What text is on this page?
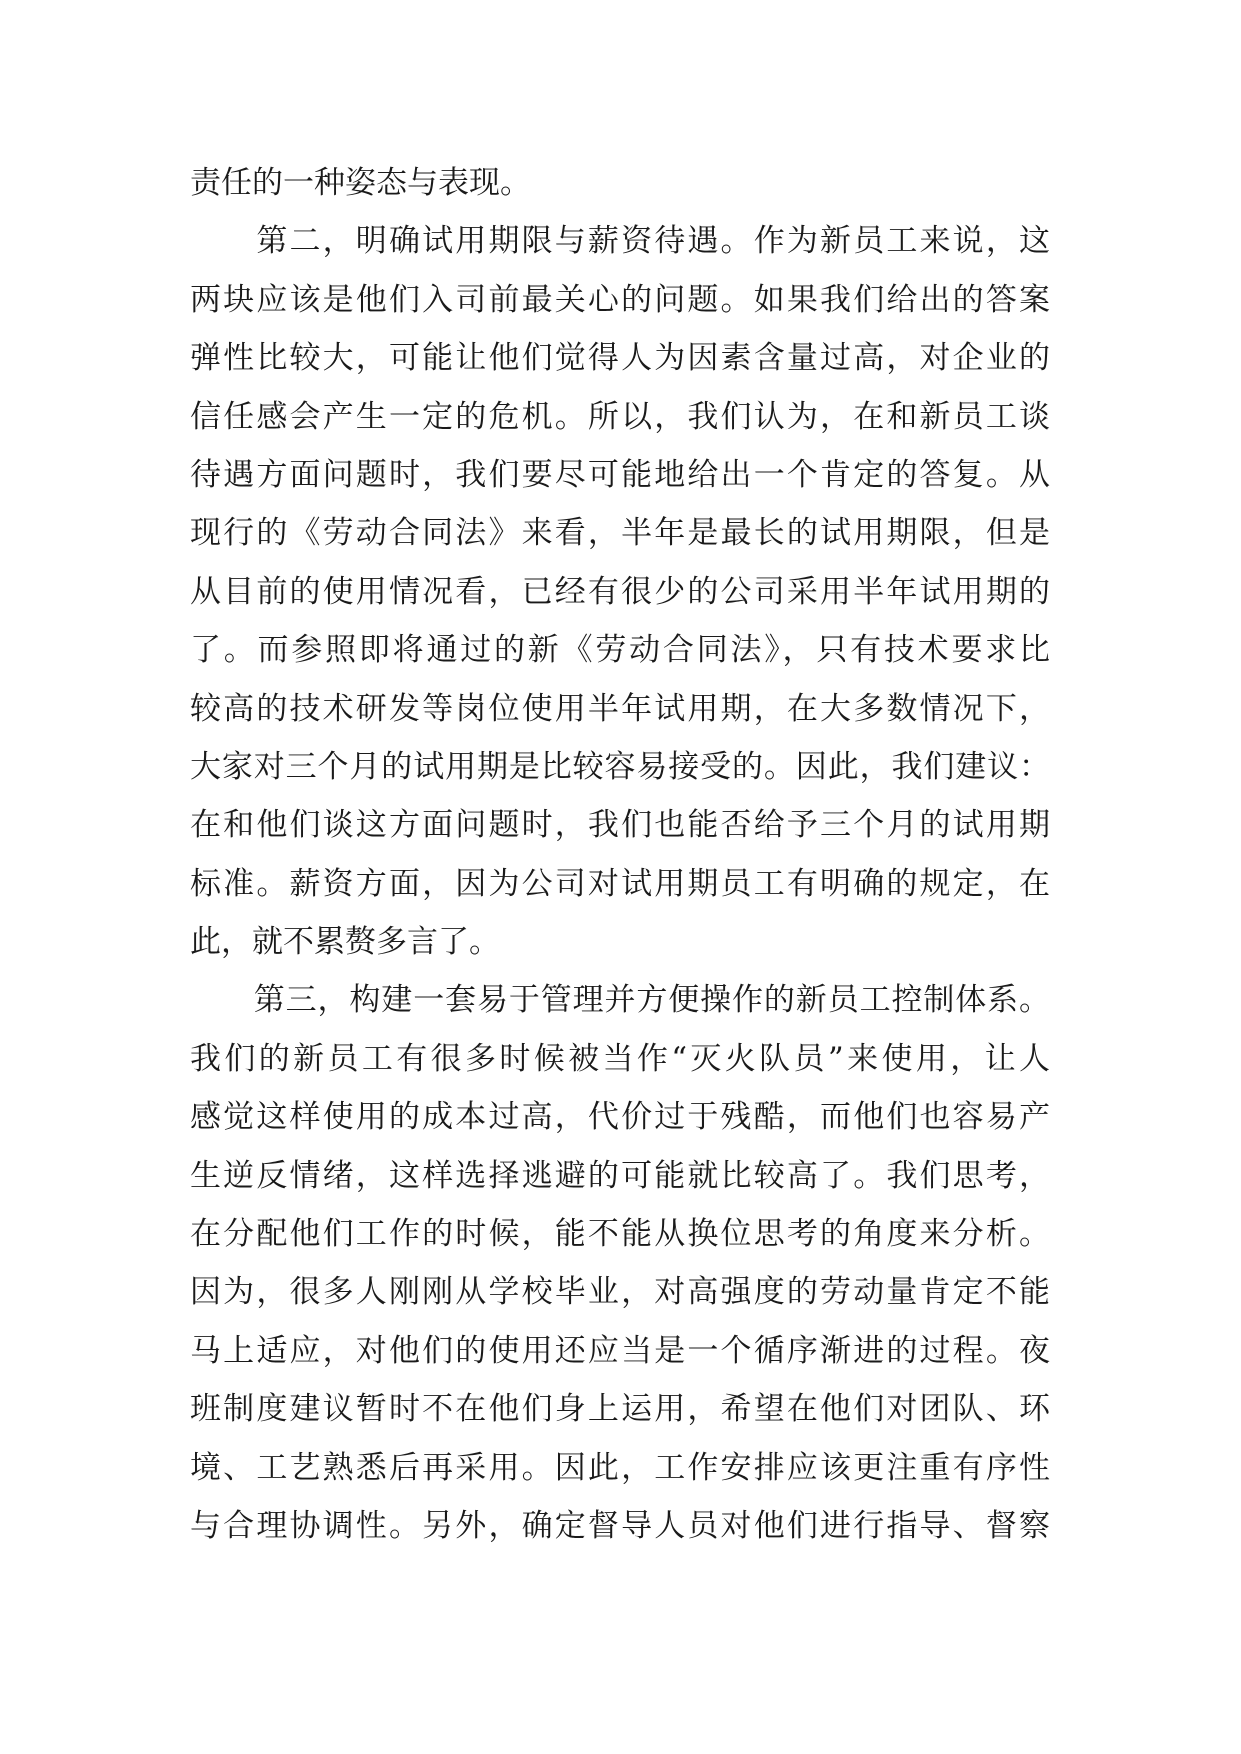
责任的一种姿态与表现。
　　第二，明确试用期限与薪资待遇。作为新员工来说，这
两块应该是他们入司前最关心的问题。如果我们给出的答案
弹性比较大，可能让他们觉得人为因素含量过高，对企业的
信任感会产生一定的危机。所以，我们认为，在和新员工谈
待遇方面问题时，我们要尽可能地给出一个肯定的答复。从
现行的《劳动合同法》来看，半年是最长的试用期限，但是
从目前的使用情况看，已经有很少的公司采用半年试用期的
了。而参照即将通过的新《劳动合同法》，只有技术要求比
较高的技术研发等岗位使用半年试用期，在大多数情况下，
大家对三个月的试用期是比较容易接受的。因此，我们建议：
在和他们谈这方面问题时，我们也能否给予三个月的试用期
标准。薪资方面，因为公司对试用期员工有明确的规定，在
此，就不累赘多言了。
　　第三，构建一套易于管理并方便操作的新员工控制体系。
我们的新员工有很多时候被当作“灭火队员”来使用，让人
感觉这样使用的成本过高，代价过于残酷，而他们也容易产
生逆反情绪，这样选择逃避的可能就比较高了。我们思考，
在分配他们工作的时候，能不能从换位思考的角度来分析。
因为，很多人刚刚从学校毕业，对高强度的劳动量肯定不能
马上适应，对他们的使用还应当是一个循序渐进的过程。夜
班制度建议暂时不在他们身上运用，希望在他们对团队、环
境、工艺熟悉后再采用。因此，工作安排应该更注重有序性
与合理协调性。另外，确定督导人员对他们进行指导、督察
